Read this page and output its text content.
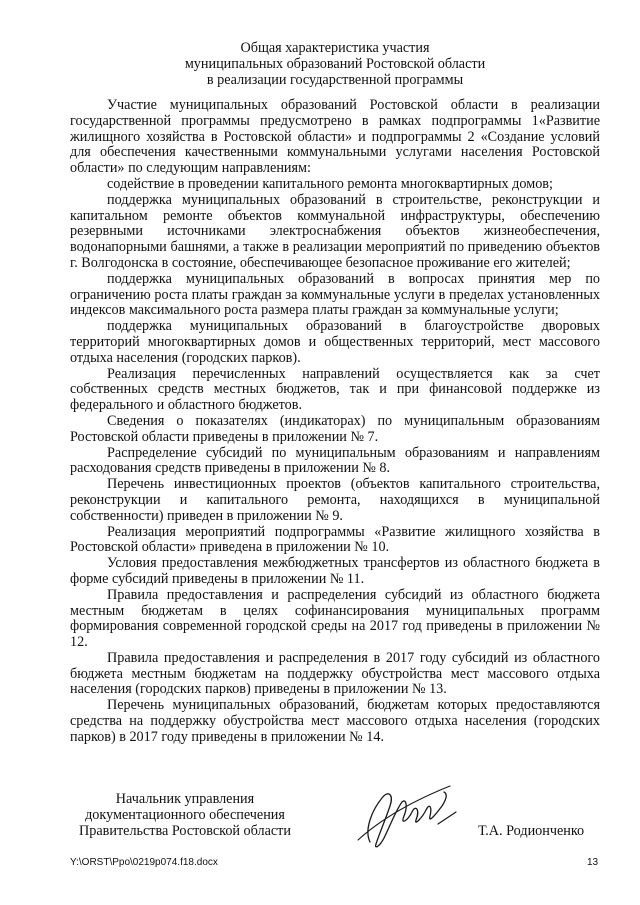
Общая характеристика участия
муниципальных образований Ростовской области
в реализации государственной программы

Участие муниципальных образований Ростовской области в реализации государственной программы предусмотрено в рамках подпрограммы 1«Развитие жилищного хозяйства в Ростовской области» и подпрограммы 2 «Создание условий для обеспечения качественными коммунальными услугами населения Ростовской области» по следующим направлениям:

содействие в проведении капитального ремонта многоквартирных домов;

поддержка муниципальных образований в строительстве, реконструкции и капитальном ремонте объектов коммунальной инфраструктуры, обеспечению резервными источниками электроснабжения объектов жизнеобеспечения, водонапорными башнями, а также в реализации мероприятий по приведению объектов г. Волгодонска в состояние, обеспечивающее безопасное проживание его жителей;

поддержка муниципальных образований в вопросах принятия мер по ограничению роста платы граждан за коммунальные услуги в пределах установленных индексов максимального роста размера платы граждан за коммунальные услуги;

поддержка муниципальных образований в благоустройстве дворовых территорий многоквартирных домов и общественных территорий, мест массового отдыха населения (городских парков).

Реализация перечисленных направлений осуществляется как за счет собственных средств местных бюджетов, так и при финансовой поддержке из федерального и областного бюджетов.

Сведения о показателях (индикаторах) по муниципальным образованиям Ростовской области приведены в приложении № 7.

Распределение субсидий по муниципальным образованиям и направлениям расходования средств приведены в приложении № 8.

Перечень инвестиционных проектов (объектов капитального строительства, реконструкции и капитального ремонта, находящихся в муниципальной собственности) приведен в приложении № 9.

Реализация мероприятий подпрограммы «Развитие жилищного хозяйства в Ростовской области» приведена в приложении № 10.

Условия предоставления межбюджетных трансфертов из областного бюджета в форме субсидий приведены в приложении № 11.

Правила предоставления и распределения субсидий из областного бюджета местным бюджетам в целях софинансирования муниципальных программ формирования современной городской среды на 2017 год приведены в приложении № 12.

Правила предоставления и распределения в 2017 году субсидий из областного бюджета местным бюджетам на поддержку обустройства мест массового отдыха населения (городских парков) приведены в приложении № 13.

Перечень муниципальных образований, бюджетам которых предоставляются средства на поддержку обустройства мест массового отдыха населения (городских парков) в 2017 году приведены в приложении № 14.

Начальник управления
документационного обеспечения
Правительства Ростовской области	Т.А. Родионченко
Y:\ORST\Ppo\0219p074.f18.docx	13
